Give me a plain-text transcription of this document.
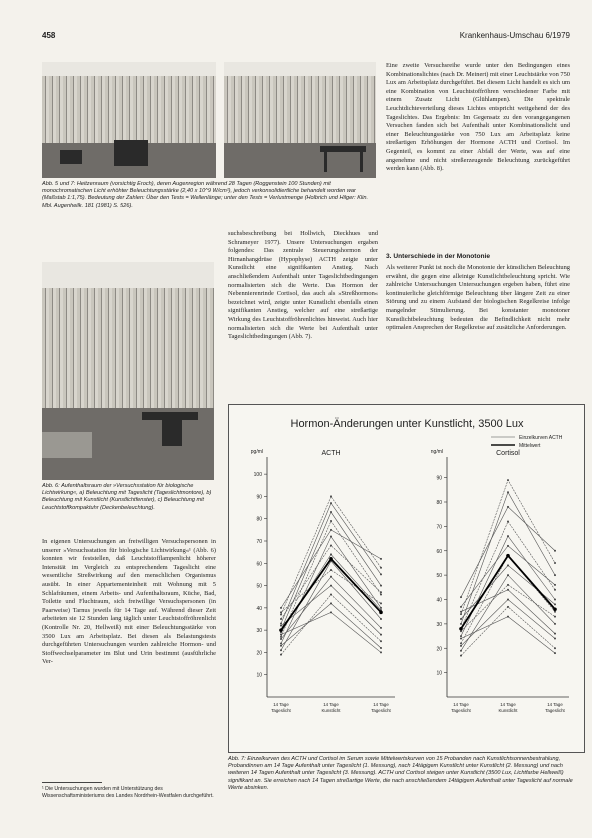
458	Krankenhaus-Umschau 6/1979
Abb. 5 und 7: Heitzenraum (vorsichtig Eroch), deren Augenregion während 28 Tagen (Roggenstein 100 Stunden) mit monochromatischen Licht erhöhter Beleuchtungsstärke (2,40 x 10^9 W/cm²), jedoch verkonsolidiertliche behandelt worden war (Maßstab 1:1,75). Bedeutung der Zahlen: Über den Tests = Wellenlänge; unter den Tests = Verlustmenge (Holbrich und Hilger: Klin. Mbl. Augenheilk. 181 (1981) S. 526).
Abb. 6: Aufenthaltsraum der »Versuchsstation für biologische Lichtwirkung«, a) Beleuchtung mit Tageslicht (Tageslichtmontore), b) Beleuchtung mit Kunstlicht (Kunstlichtfenster), c) Beleuchtung mit Leuchtstoffkompaktuhr (Deckenbeleuchtung).

In eigenen Untersuchungen an freiwilligen Versuchspersonen in unserer »Versuchsstation für biologische Lichtwirkung«¹ (Abb. 6) konnten wir feststellen, daß Leuchtstofflampenlicht höherer Intensität im Vergleich zu entsprechendem Tageslicht eine wesentliche Streßwirkung auf den menschlichen Organismus ausübt. In einer Appartementeinheit mit Wohnung mit 5 Schlafräumen, einem Arbeits- und Aufenthaltsraum, Küche, Bad, Toilette und Fluchtraum, sich freiwillige Versuchspersonen (in Paarweise) Tarnus jeweils für 14 Tage auf. Während dieser Zeit arbeiteten sie 12 Stunden lang täglich unter Leuchtstoffröhrenlicht (Kontrolle Nr. 20, Hellweiß) mit einer Beleuchtungsstärke von 3500 Lux am Arbeitsplatz. Bei diesen als Belastungstests durchgeführten Untersuchungen wurden zahlreiche Hormon- und Stoffwechselparameter im Blut und Urin bestimmt (ausführliche Ver-

¹ Die Untersuchungen wurden mit Unterstützung des Wissenschaftsministeriums des Landes Nordrhein-Westfalen durchgeführt.

suchsbeschreibung bei Hollwich, Dieckhues und Schrameyer 1977). Unsere Untersuchungen ergaben folgendes: Das zentrale Steuerungshormon der Hirnanhangdrüse (Hypophyse) ACTH zeigte unter Kunstlicht eine signifikanten Anstieg. Nach anschließendem Aufenthalt unter Tageslichtbedingungen normalisierten sich die Werte. Das Hormon der Nebennierenrinde Cortisol, das auch als »Streßhormon« bezeichnet wird, zeigte unter Kunstlicht ebenfalls einen signifikanten Anstieg, welcher auf eine streßartige Wirkung des Leuchtstoffröhrenlichtes hinweist. Auch hier normalisierten sich die Werte bei Aufenthalt unter Tageslichtbedingungen (Abb. 7).

Eine zweite Versuchsreihe wurde unter den Bedingungen eines Kombinationslichtes (nach Dr. Meinert) mit einer Leuchtstärke von 750 Lux am Arbeitsplatz durchgeführt. Bei diesem Licht handelt es sich um eine Kombination von Leuchtstoffröhren verschiedener Farbe mit einem Zusatz Licht (Glühlampen). Die spektrale Leuchtdichteverteilung dieses Lichtes entspricht weitgehend der des Tageslichtes. Das Ergebnis: Im Gegensatz zu den vorangegangenen Versuchen fanden sich bei Aufenthalt unter Kombinationslicht und einer Beleuchtungsstärke von 750 Lux am Arbeitsplatz keine streßartigen Erhöhungen der Hormone ACTH und Cortisol. Im Gegenteil, es kommt zu einer Abfall der Werte, was auf eine angenehme und nicht streßerzeugende Beleuchtung zurückgeführt werden kann (Abb. 8).

3. Unterschiede in der Monotonie

Als weiterer Punkt ist noch die Monotonie der künstlichen Beleuchtung erwähnt, die gegen eine alleinige Kunstlichtbeleuchtung spricht. Wie zahlreiche Untersuchungen Untersuchungen ergeben haben, führt eine kontinuierliche gleichförmige Beleuchtung über längere Zeit zu einer Störung und zu einem Aufstand der biologischen Regelkreise infolge mangelnder Stimulierung. Bei konstanter monotoner Kunstlichtbeleuchtung bedeuten die Befindlichkeit nicht mehr optimalen Ansprechen der Regelkreise auf zusätzliche Anforderungen.

Hormon-Änderungen unter Kunstlicht, 3500 Lux
Einzelkurven ACTH
Mittelwert
ACTH
pg/ml
10
20
30
40
50
60
70
80
90
100
14 Tage
Tageslicht
14 Tage
Kunstlicht
14 Tage
Tageslicht
Cortisol
ng/ml
10
20
30
40
50
60
70
80
90
14 Tage
Tageslicht
14 Tage
Kunstlicht
14 Tage
Tageslicht
Abb. 7: Einzelkurven des ACTH und Cortisol im Serum sowie Mittelwertskurven von 15 Probanden nach Kunstlichtsonnenbestrahlung, Probandinnen am 14 Tage Aufenthalt unter Tageslicht (1. Messung), nach 14tägigem Kunstlicht unter Kunstlicht (2. Messung) und nach weiteren 14 Tagen Aufenthalt unter Tageslicht (3. Messung). ACTH und Cortisol steigen unter Kunstlicht (3500 Lux, Lichtfarbe Hellweiß) signifikant an. Sie erreichen nach 14 Tagen streßartige Werte, die nach anschließendem 14tägigem Aufenthalt unter Tageslicht auf normale Werte absinken.
